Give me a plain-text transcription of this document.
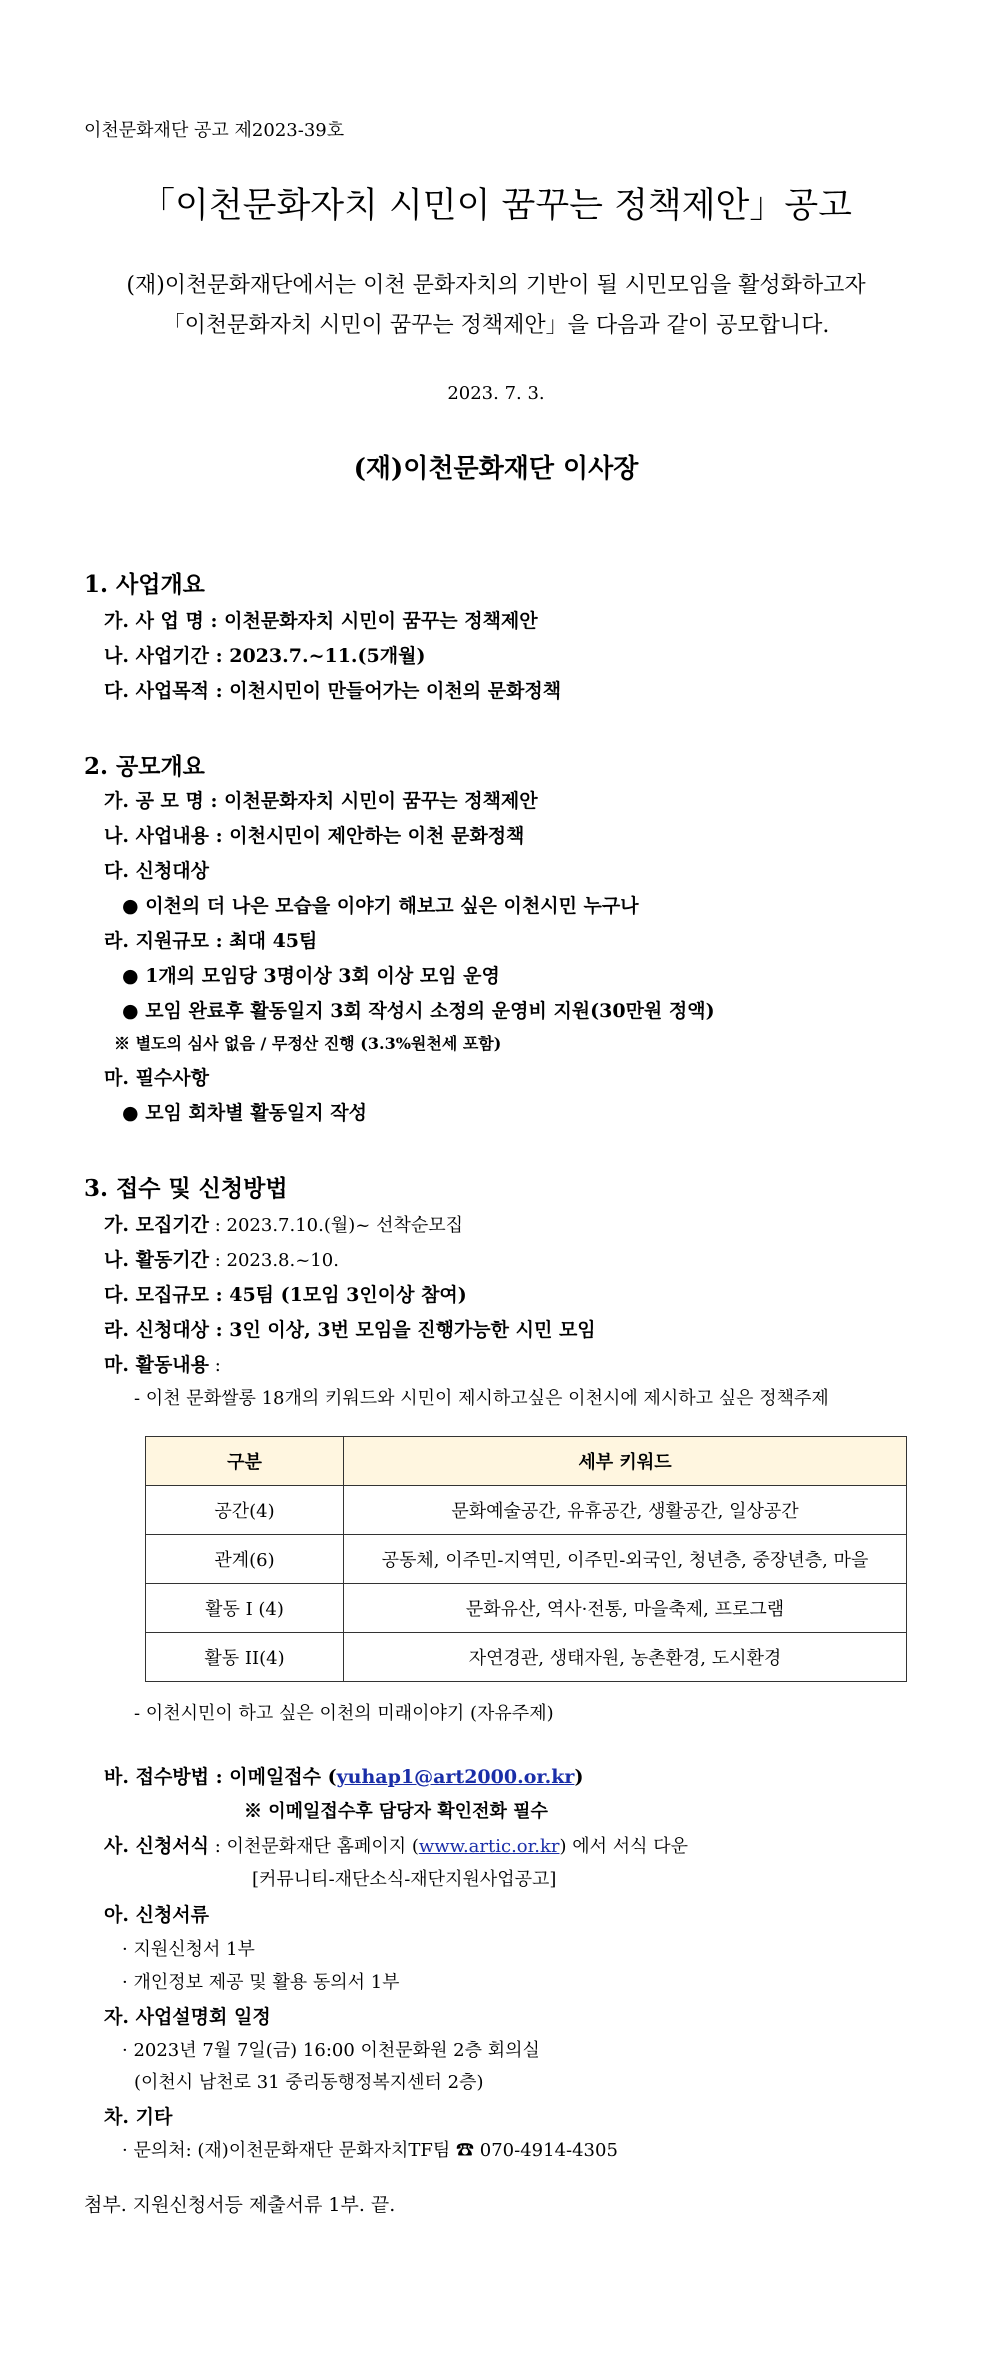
이천문화재단 공고 제2023-39호
「이천문화자치 시민이 꿈꾸는 정책제안」공고
(재)이천문화재단에서는 이천 문화자치의 기반이 될 시민모임을 활성화하고자
「이천문화자치 시민이 꿈꾸는 정책제안」을 다음과 같이 공모합니다.
2023. 7. 3.
(재)이천문화재단 이사장
1. 사업개요
가. 사 업 명 : 이천문화자치 시민이 꿈꾸는 정책제안
나. 사업기간 : 2023.7.~11.(5개월)
다. 사업목적 : 이천시민이 만들어가는 이천의 문화정책
2. 공모개요
가. 공 모 명 : 이천문화자치 시민이 꿈꾸는 정책제안
나. 사업내용 : 이천시민이 제안하는 이천 문화정책
다. 신청대상
● 이천의 더 나은 모습을 이야기 해보고 싶은 이천시민 누구나
라. 지원규모 : 최대 45팀
● 1개의 모임당 3명이상 3회 이상 모임 운영
● 모임 완료후 활동일지 3회 작성시 소정의 운영비 지원(30만원 정액)
※ 별도의 심사 없음 / 무정산 진행 (3.3%원천세 포함)
마. 필수사항
● 모임 회차별 활동일지 작성
3. 접수 및 신청방법
가. 모집기간 : 2023.7.10.(월)~ 선착순모집
나. 활동기간 : 2023.8.~10.
다. 모집규모 : 45팀 (1모임 3인이상 참여)
라. 신청대상 : 3인 이상, 3번 모임을 진행가능한 시민 모임
마. 활동내용 :
- 이천 문화쌀롱 18개의 키워드와 시민이 제시하고싶은 이천시에 제시하고 싶은 정책주제
구분	세부 키워드
공간(4)	문화예술공간, 유휴공간, 생활공간, 일상공간
관계(6)	공동체, 이주민-지역민, 이주민-외국인, 청년층, 중장년층, 마을
활동 I (4)	문화유산, 역사·전통, 마을축제, 프로그램
활동 II(4)	자연경관, 생태자원, 농촌환경, 도시환경
- 이천시민이 하고 싶은 이천의 미래이야기 (자유주제)
바. 접수방법 : 이메일접수 (yuhap1@art2000.or.kr)
※ 이메일접수후 담당자 확인전화 필수
사. 신청서식 : 이천문화재단 홈페이지 (www.artic.or.kr) 에서 서식 다운
[커뮤니티-재단소식-재단지원사업공고]
아. 신청서류
· 지원신청서 1부
· 개인정보 제공 및 활용 동의서 1부
자. 사업설명회 일정
· 2023년 7월 7일(금) 16:00 이천문화원 2층 회의실
(이천시 남천로 31 중리동행정복지센터 2층)
차. 기타
· 문의처: (재)이천문화재단 문화자치TF팀 ☎ 070-4914-4305
첨부. 지원신청서등 제출서류 1부. 끝.
